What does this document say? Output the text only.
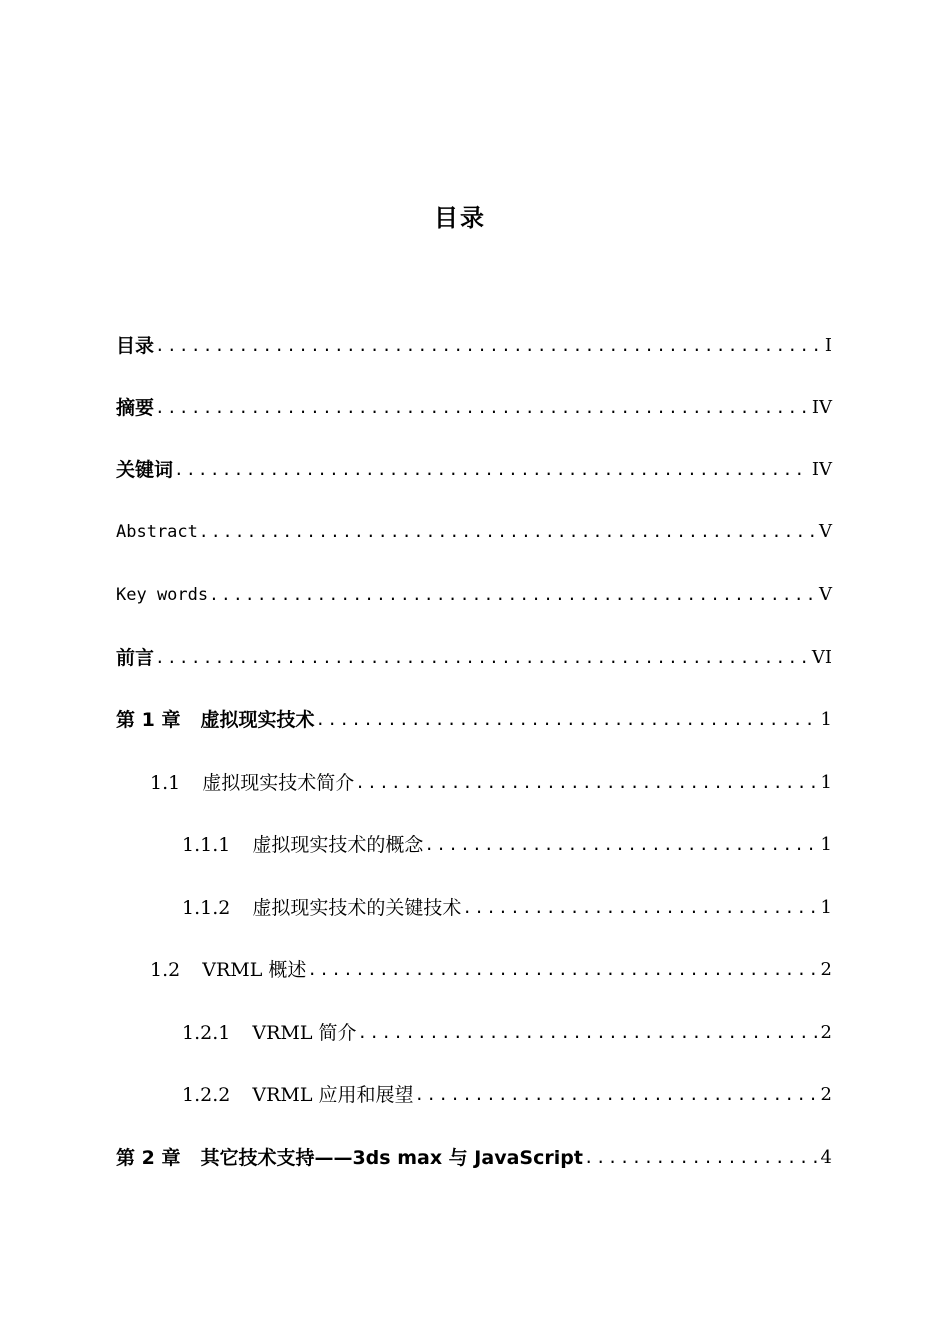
目录
目录 .....	I
摘要 .....	IV
关键词 .....	IV
Abstract .....	V
Key words .....	V
前言 .....	VI
第 1 章 虚拟现实技术 .....	1
1.1 虚拟现实技术简介 .....	1
1.1.1 虚拟现实技术的概念 .....	1
1.1.2 虚拟现实技术的关键技术 .....	1
1.2 VRML 概述 .....	2
1.2.1 VRML 简介 .....	2
1.2.2 VRML 应用和展望 .....	2
第 2 章 其它技术支持——3ds max 与 JavaScript .....	4
